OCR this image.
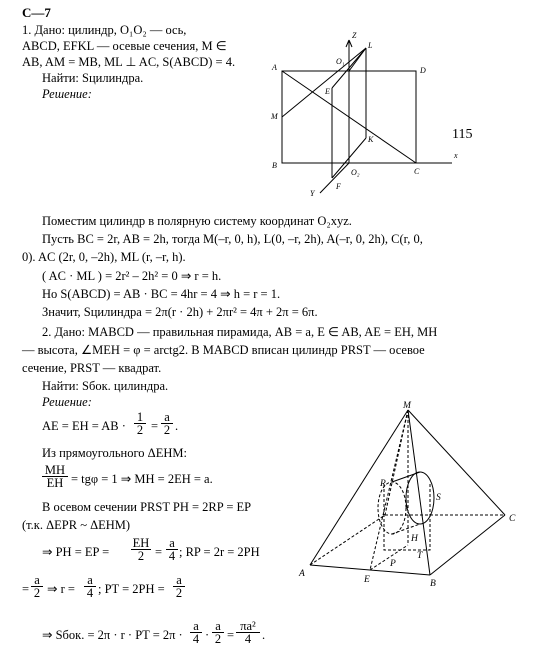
С—7
1. Дано: цилиндр, O₁O₂ — ось,
ABCD, EFKL — осевые сечения, M ∈
AB, AM = MB, ML ⊥ AC, S(ABCD) = 4.
Найти: Sцилиндра.
Решение:
115
A	D
B
C
M
E
L
K
O₁
O₂
F
Z
Y
x
Поместим цилиндр в полярную систему координат O₂xyz.
Пусть BC = 2r, AB = 2h, тогда M(–r, 0, h), L(0, –r, 2h), A(–r, 0, 2h), C(r, 0,
0). AC (2r, 0, –2h), ML (r, –r, h).
( AC · ML ) = 2r² – 2h² = 0 ⇒ r = h.
Но S(ABCD) = AB · BC = 4hr = 4 ⇒ h = r = 1.
Значит, Sцилиндра = 2π(r · 2h) + 2πr² = 4π + 2π = 6π.
2. Дано: MABCD — правильная пирамида, AB = a, E ∈ AB, AE = EH, MH
— высота, ∠MEH = φ = arctg2. В MABCD вписан цилиндр PRST — осевое
сечение, PRST — квадрат.
Найти: Sбок. цилиндра.
Решение:
AE = EH = AB · $\frac{1}{2} = \frac{a}{2}$ .
Из прямоугольного ΔEHM:
$\frac{MH}{EH} = tg\varphi = 1$ ⇒ MH = 2EH = a.
В осевом сечении PRST PH = 2RP = EP
(т.к. ΔEPR ~ ΔEHM)
⇒ PH = EP = $\frac{EH}{2} = \frac{a}{4}$ ; RP = 2r = 2PH
= $\frac{a}{2}$ ⇒ $r = \frac{a}{4}$ ; PT = $2PH = \frac{a}{2}$
⇒ Sбок. = 2π · r · PT = $2\pi \cdot \frac{a}{4} \cdot \frac{a}{2} = \frac{\text{πa²}}{4}$ .
M
R
S
C
H
T
P
A
E	B
